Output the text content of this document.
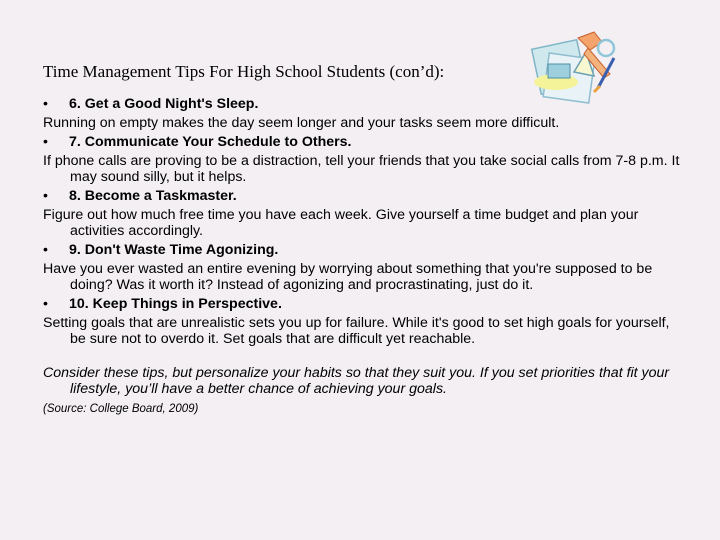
Time Management Tips For High School Students (con’d):

• 6. Get a Good Night's Sleep.

Running on empty makes the day seem longer and your tasks seem more difficult.

• 7. Communicate Your Schedule to Others.

If phone calls are proving to be a distraction, tell your friends that you take social calls from 7-8 p.m. It may sound silly, but it helps.

• 8. Become a Taskmaster.

Figure out how much free time you have each week. Give yourself a time budget and plan your activities accordingly.

• 9. Don't Waste Time Agonizing.

Have you ever wasted an entire evening by worrying about something that you're supposed to be doing? Was it worth it? Instead of agonizing and procrastinating, just do it.

• 10. Keep Things in Perspective.

Setting goals that are unrealistic sets you up for failure. While it's good to set high goals for yourself, be sure not to overdo it. Set goals that are difficult yet reachable.

Consider these tips, but personalize your habits so that they suit you. If you set priorities that fit your lifestyle, you’ll have a better chance of achieving your goals.

(Source: College Board, 2009)
